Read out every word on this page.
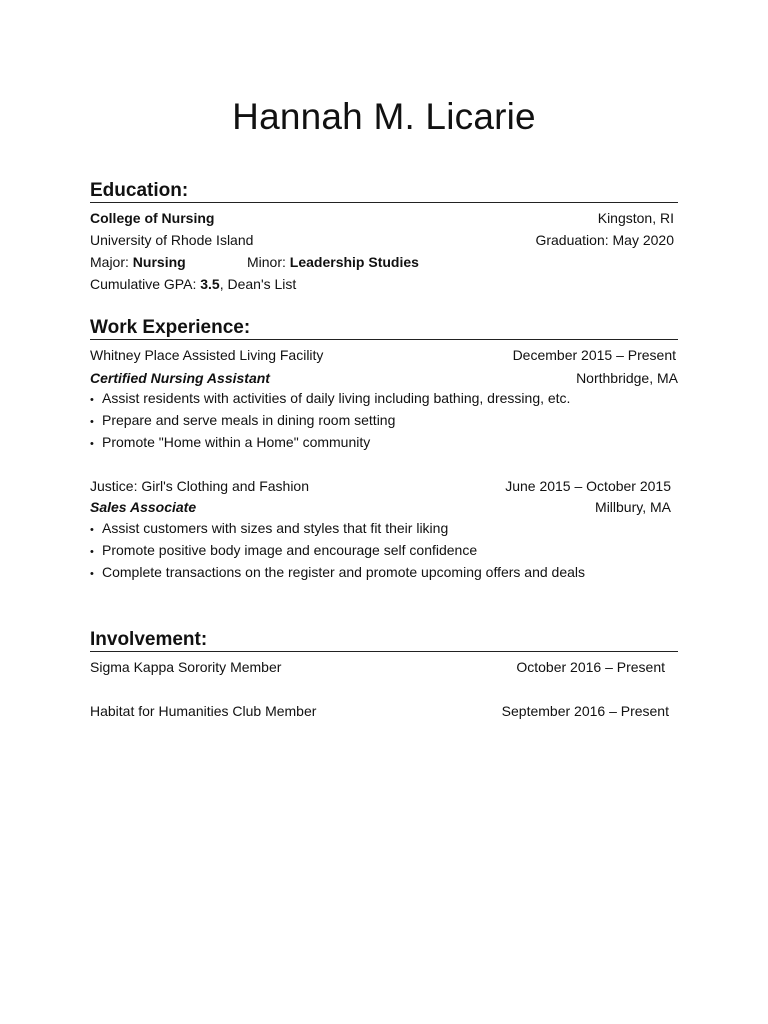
Hannah M. Licarie
Education:
College of Nursing	Kingston, RI
University of Rhode Island	Graduation: May 2020
Major: Nursing	Minor: Leadership Studies
Cumulative GPA: 3.5, Dean's List
Work Experience:
Whitney Place Assisted Living Facility	December 2015 – Present
Certified Nursing Assistant	Northbridge, MA
• Assist residents with activities of daily living including bathing, dressing, etc.
• Prepare and serve meals in dining room setting
• Promote "Home within a Home" community
Justice: Girl's Clothing and Fashion	June 2015 – October 2015
Sales Associate	Millbury, MA
• Assist customers with sizes and styles that fit their liking
• Promote positive body image and encourage self confidence
• Complete transactions on the register and promote upcoming offers and deals
Involvement:
Sigma Kappa Sorority Member	October 2016 – Present
Habitat for Humanities Club Member	September 2016 – Present
